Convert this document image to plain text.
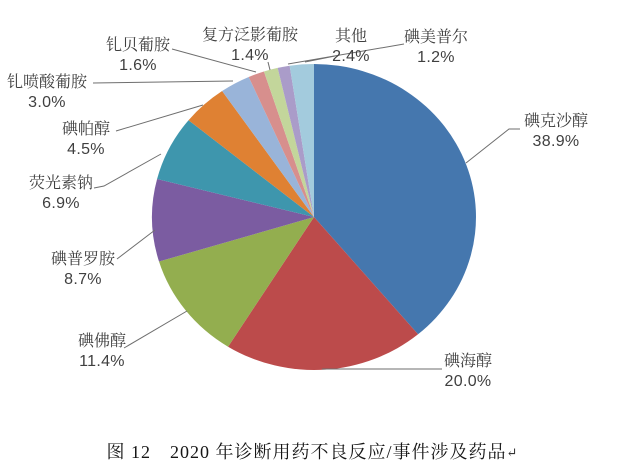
碘克沙醇
38.9%
碘海醇
20.0%
碘佛醇
11.4%
碘普罗胺
8.7%
荧光素钠
6.9%
碘帕醇
4.5%
钆喷酸葡胺
3.0%
钆贝葡胺
1.6%
复方泛影葡胺
1.4%
碘美普尔
1.2%
其他
2.4%
图 12　2020 年诊断用药不良反应/事件涉及药品↵
